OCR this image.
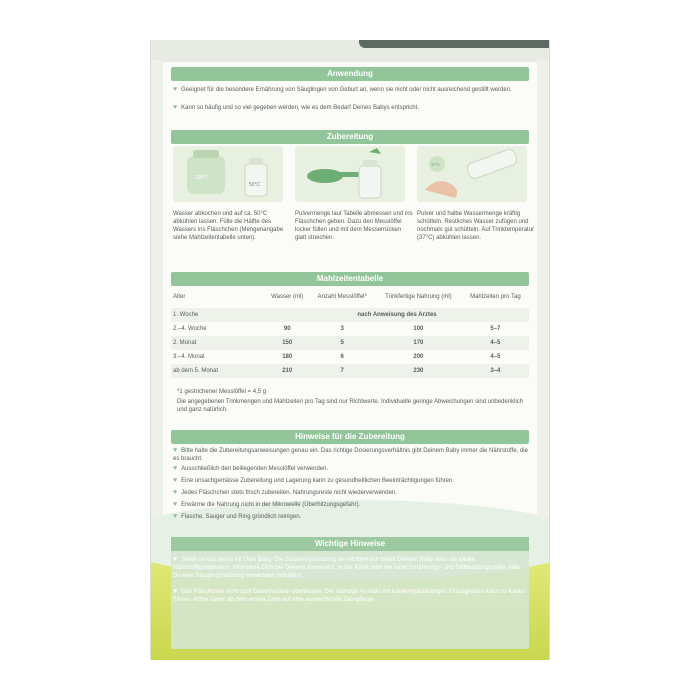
Anwendung
♥ Geeignet für die besondere Ernährung von Säuglingen von Geburt an, wenn sie nicht oder nicht ausreichend gestillt werden.
♥ Kann so häufig und so viel gegeben werden, wie es dem Bedarf Deines Babys entspricht.
Zubereitung
100°C
50°C
37°C
Wasser abkochen und auf ca. 50°C abkühlen lassen. Fülle die Hälfte des Wassers ins Fläschchen (Mengenangabe siehe Mahlzeitentabelle unten).
Pulvermenge laut Tabelle abmessen und ins Fläschchen geben. Dazu den Messlöffel locker füllen und mit dem Messerrücken glatt streichen.
Pulver und halbe Wassermenge kräftig schütteln. Restliches Wasser zufügen und nochmals gut schütteln. Auf Trinktemperatur (37°C) abkühlen lassen.
Mahlzeitentabelle
Alter	Wasser (ml)	Anzahl Messlöffel*	Trinkfertige Nahrung (ml)	Mahlzeiten pro Tag
1. Woche	nach Anweisung des Arztes			
2.–4. Woche	90	3	100	5–7
2. Monat	150	5	170	4–5
3.–4. Monat	180	6	200	4–5
ab dem 5. Monat	210	7	230	3–4
*1 gestrichener Messlöffel = 4,5 g
Die angegebenen Trinkmengen und Mahlzeiten pro Tag sind nur Richtwerte. Individuelle geringe Abweichungen sind unbedenklich und ganz natürlich.
Hinweise für die Zubereitung
♥ Bitte halte die Zubereitungsanweisungen genau ein. Das richtige Dosierungsverhältnis gibt Deinem Baby immer die Nährstoffe, die es braucht.
♥ Ausschließlich den beiliegenden Messlöffel verwenden.
♥ Eine unsachgemässe Zubereitung und Lagerung kann zu gesundheitlichen Beeinträchtigungen führen.
♥ Jedes Fläschchen stets frisch zubereiten. Nahrungsreste nicht wiederverwenden.
♥ Erwärme die Nahrung nicht in der Mikrowelle (Überhitzungsgefahr).
♥ Flasche, Sauger und Ring gründlich reinigen.
Wichtige Hinweise
♥ Stillen ist das Beste für Dein Baby. Die Zusammensetzung der Muttermilch bietet Deinem Baby stets die ideale Nährstoffkombination. Informiere Dich bei Deinem Kinderarzt, in der Klinik oder bei einer Ernährungs- und Stillberatungsstelle, falls Du eine Säuglingsnahrung verwenden möchtest.
♥ Das Fläschchen nicht zum Dauernuckeln überlassen. Der ständige Kontakt mit kohlenhydrathaltigen Flüssigkeiten kann zu Karies führen. Achte daher ab dem ersten Zahn auf eine ausreichende Zahnpflege.
